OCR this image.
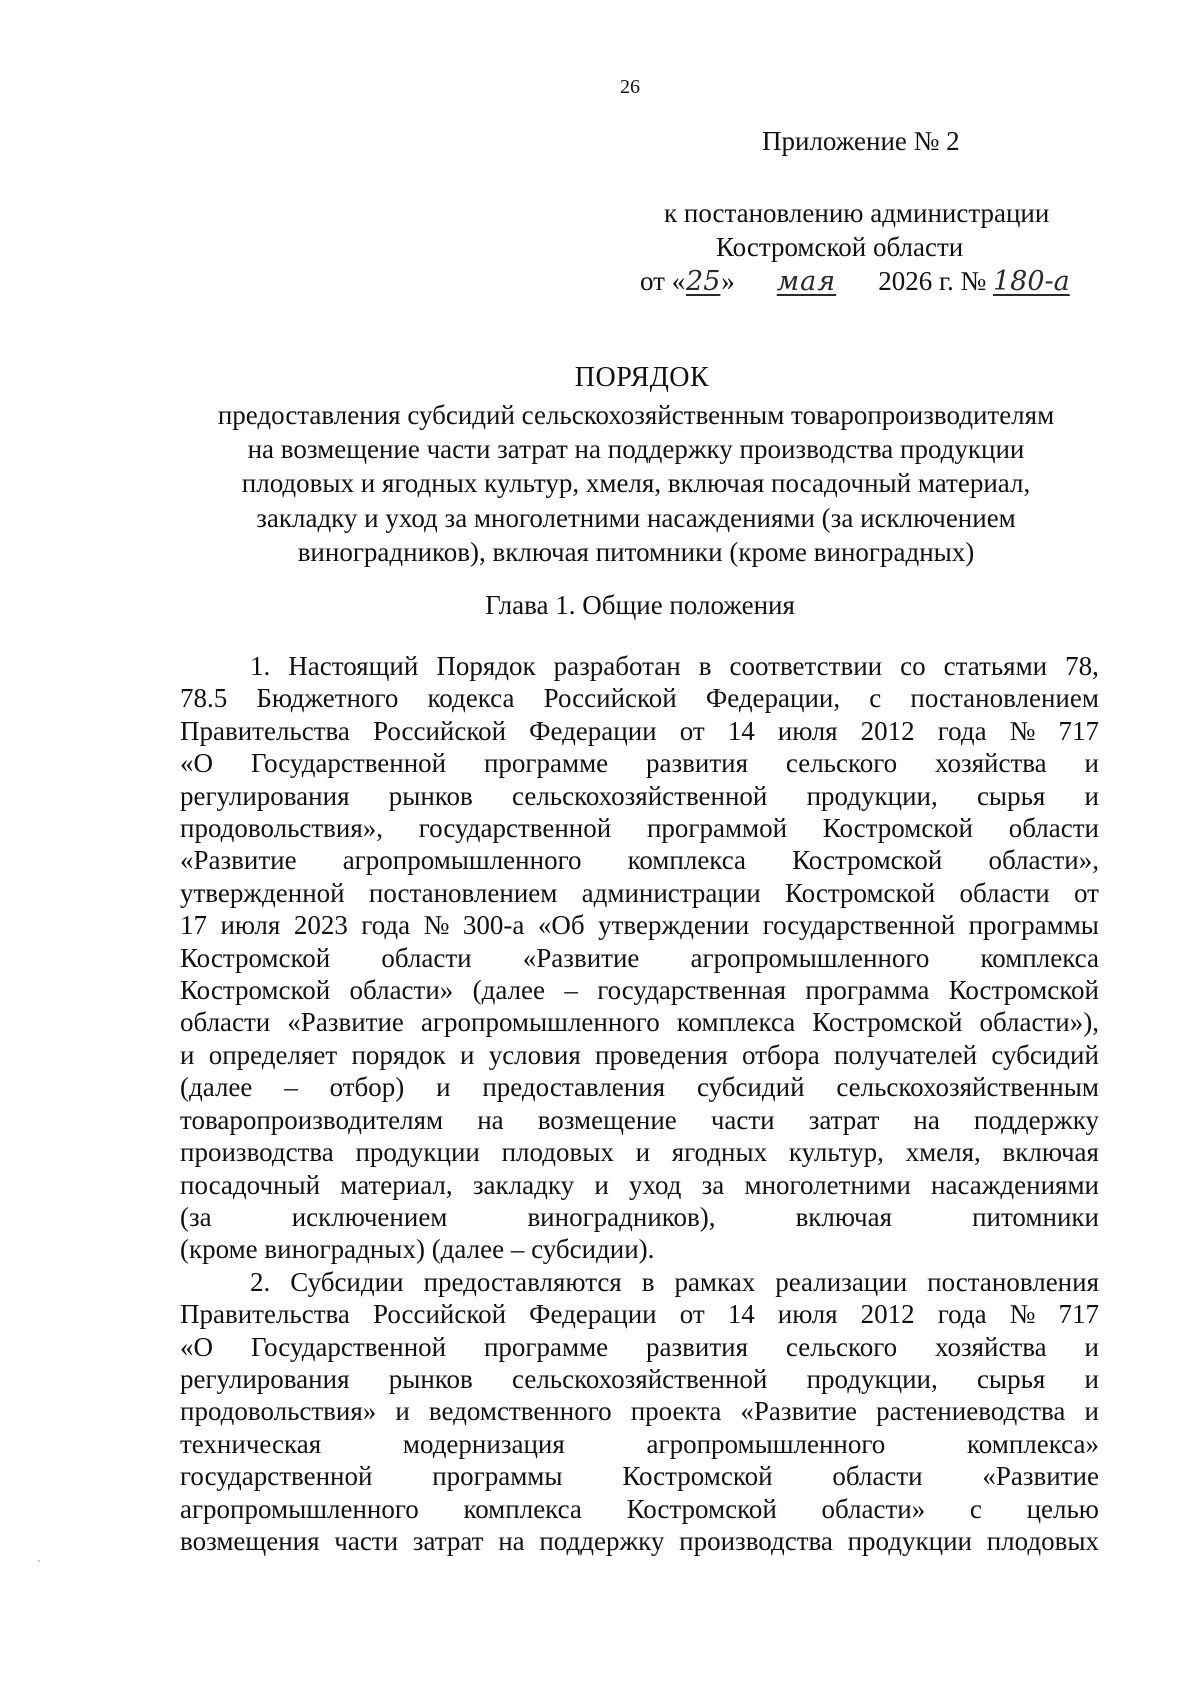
26
Приложение № 2
к постановлению администрации
Костромской области
от «25» мая 2026 г. № 180-а
ПОРЯДОК
предоставления субсидий сельскохозяйственным товаропроизводителям
на возмещение части затрат на поддержку производства продукции
плодовых и ягодных культур, хмеля, включая посадочный материал,
закладку и уход за многолетними насаждениями (за исключением
виноградников), включая питомники (кроме виноградных)
Глава 1. Общие положения
1. Настоящий Порядок разработан в соответствии со статьями 78,
78.5 Бюджетного кодекса Российской Федерации, с постановлением
Правительства Российской Федерации от 14 июля 2012 года № 717
«О Государственной программе развития сельского хозяйства и
регулирования рынков сельскохозяйственной продукции, сырья и
продовольствия», государственной программой Костромской области
«Развитие агропромышленного комплекса Костромской области»,
утвержденной постановлением администрации Костромской области от
17 июля 2023 года № 300-а «Об утверждении государственной программы
Костромской области «Развитие агропромышленного комплекса
Костромской области» (далее – государственная программа Костромской
области «Развитие агропромышленного комплекса Костромской области»),
и определяет порядок и условия проведения отбора получателей субсидий
(далее – отбор) и предоставления субсидий сельскохозяйственным
товаропроизводителям на возмещение части затрат на поддержку
производства продукции плодовых и ягодных культур, хмеля, включая
посадочный материал, закладку и уход за многолетними насаждениями
(за	исключением	виноградников),	включая	питомники
(кроме виноградных) (далее – субсидии).
2. Субсидии предоставляются в рамках реализации постановления
Правительства Российской Федерации от 14 июля 2012 года № 717
«О Государственной программе развития сельского хозяйства и
регулирования рынков сельскохозяйственной продукции, сырья и
продовольствия» и ведомственного проекта «Развитие растениеводства и
техническая	модернизация	агропромышленного	комплекса»
государственной программы Костромской области «Развитие
агропромышленного комплекса Костромской области» с целью
возмещения части затрат на поддержку производства продукции плодовых
